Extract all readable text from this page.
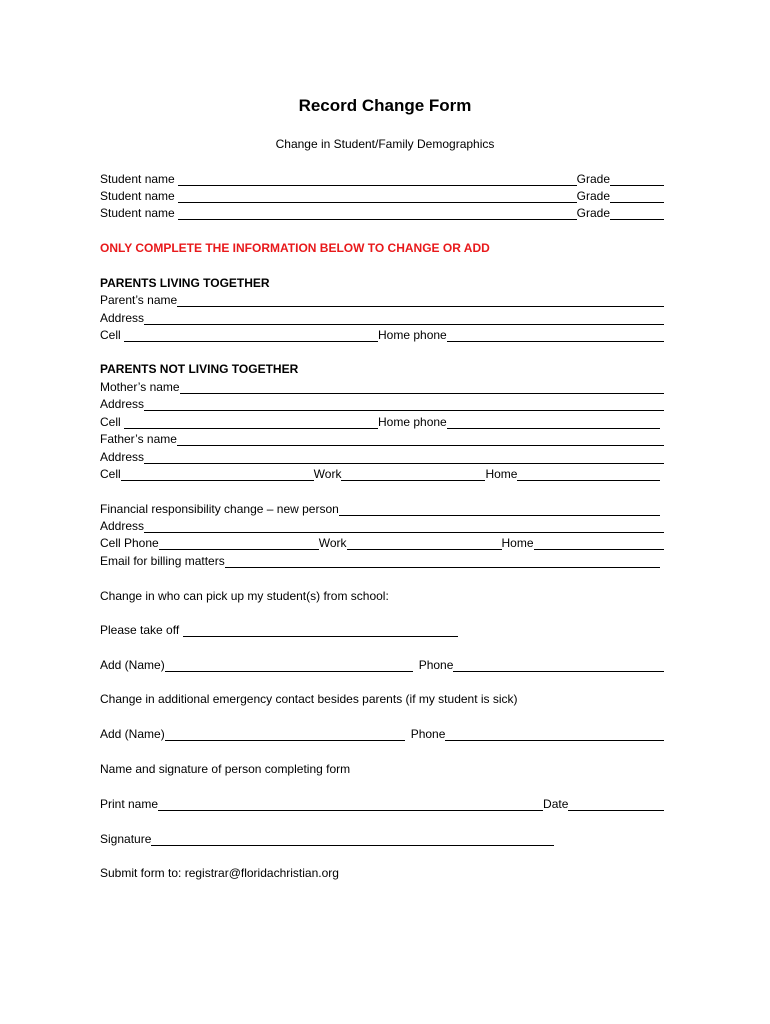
Record Change Form
Change in Student/Family Demographics
Student name	Grade
Student name	Grade
Student name	Grade
ONLY COMPLETE THE INFORMATION BELOW TO CHANGE OR ADD
PARENTS LIVING TOGETHER
Parent’s name
Address
Cell	Home phone
PARENTS NOT LIVING TOGETHER
Mother’s name
Address
Cell	Home phone
Father’s name
Address
Cell	Work	Home
Financial responsibility change – new person
Address
Cell Phone	Work	Home
Email for billing matters
Change in who can pick up my student(s) from school:
Please take off
Add (Name)	Phone
Change in additional emergency contact besides parents (if my student is sick)
Add (Name)	Phone
Name and signature of person completing form
Print name	Date
Signature
Submit form to: registrar@floridachristian.org
